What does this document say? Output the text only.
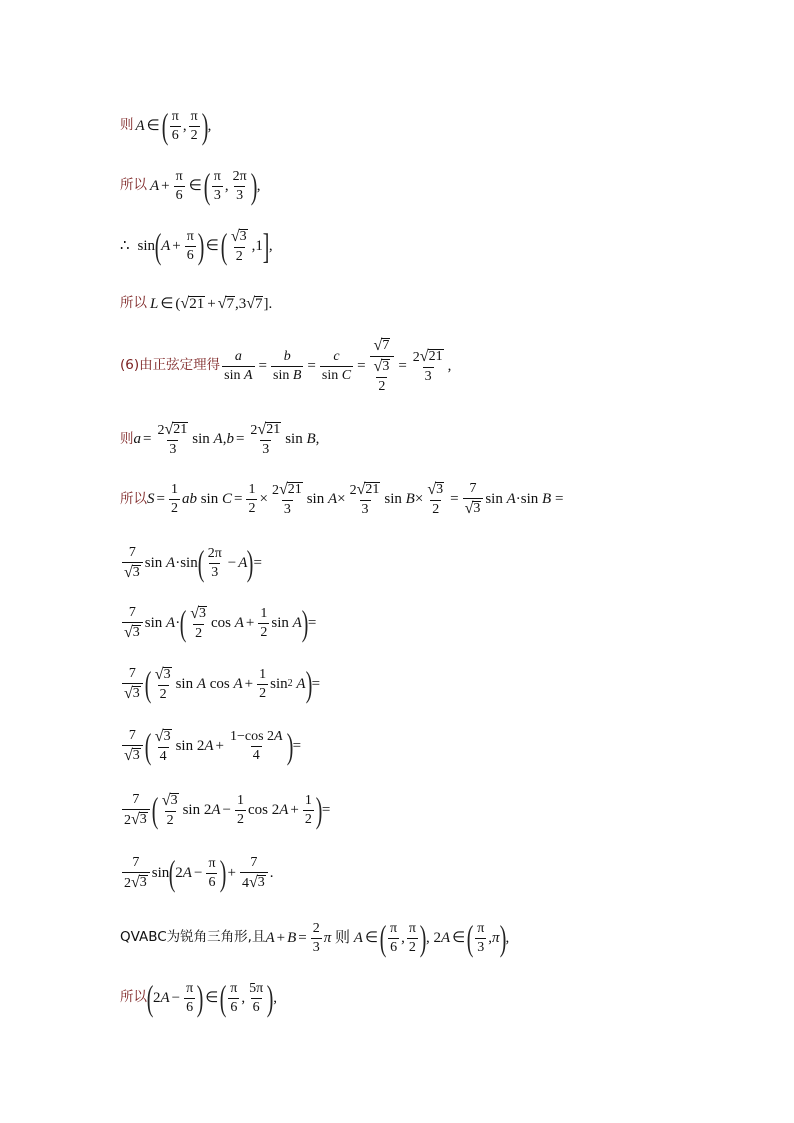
则 A ∈ ( $\frac{\pi}{6}$ , $\frac{\pi}{2}$ ) ,
所以 $A + \frac{\pi}{6}$ ∈ ( $\frac{\pi}{3}$ , $\frac{2\pi}{3}$ ) ,
∴ sin ( $A + \frac{\pi}{6}$ ) ∈ ( $\frac{√ 3}{2} ,1$ ] ,
所以 L ∈ ( √ 21 + √ 7 ,3 √ 7 ] .
(6)由正弦定理得 $\frac{a}{\text{sin A}} = \frac{b}{\text{sin B}} = \frac{c}{\text{sin C}} = \frac{√ 7}{\frac{√ 3}{2}} = \frac{2 √ 21}{3}$ ,
则 $a = \frac{2 √ 21}{3}$ sin A , $b = \frac{2 √ 21}{3}$ sin B ,
所以 $S = \frac{1}{2}$ ab $\sin C = \frac{1}{2} \times \frac{2 √ 21}{3}$ $\sin A \times \frac{2 √ 21}{3}$ $\sin B \times \frac{√ 3}{2} = \frac{7}{√ 3}$ sin A ·sin B =
$\frac{7}{√ 3}$ sin A ·sin ( $\frac{2\pi}{3} - A$ ) =
$\frac{7}{√ 3}$ sin A · ( $\frac{√ 3}{2}$ $\cos A + \frac{1}{2}$ sin A ) =
$\frac{7}{√ 3}$ ( $\frac{√ 3}{2}$ sin A $\cos A + \frac{1}{2}$ sin 2
A ) =
$\frac{7}{√ 3}$ ( $\frac{√ 3}{4}$ sin 2 $A + \frac{1-\cos 2A}{4}$ ) =
$\frac{7}{2 √ 3}$ ( $\frac{√ 3}{2}$ sin 2 $A - \frac{1}{2}$ cos 2 $A + \frac{1}{2}$ ) =
$\frac{7}{2 √ 3}$ sin ( 2 $A - \frac{\pi}{6}$ ) + $\frac{7}{4 √ 3}$ .
QVABC为锐角三角形,且 $A + B = \frac{2}{3}$ π 则 A ∈ ( $\frac{\pi}{6}$ , $\frac{\pi}{2}$ ) , 2 A ∈ ( $\frac{\pi}{3}$ , π ) ,
所以 ( 2 $A - \frac{\pi}{6}$ ) ∈ ( $\frac{\pi}{6}$ , $\frac{5\pi}{6}$ ) ,
